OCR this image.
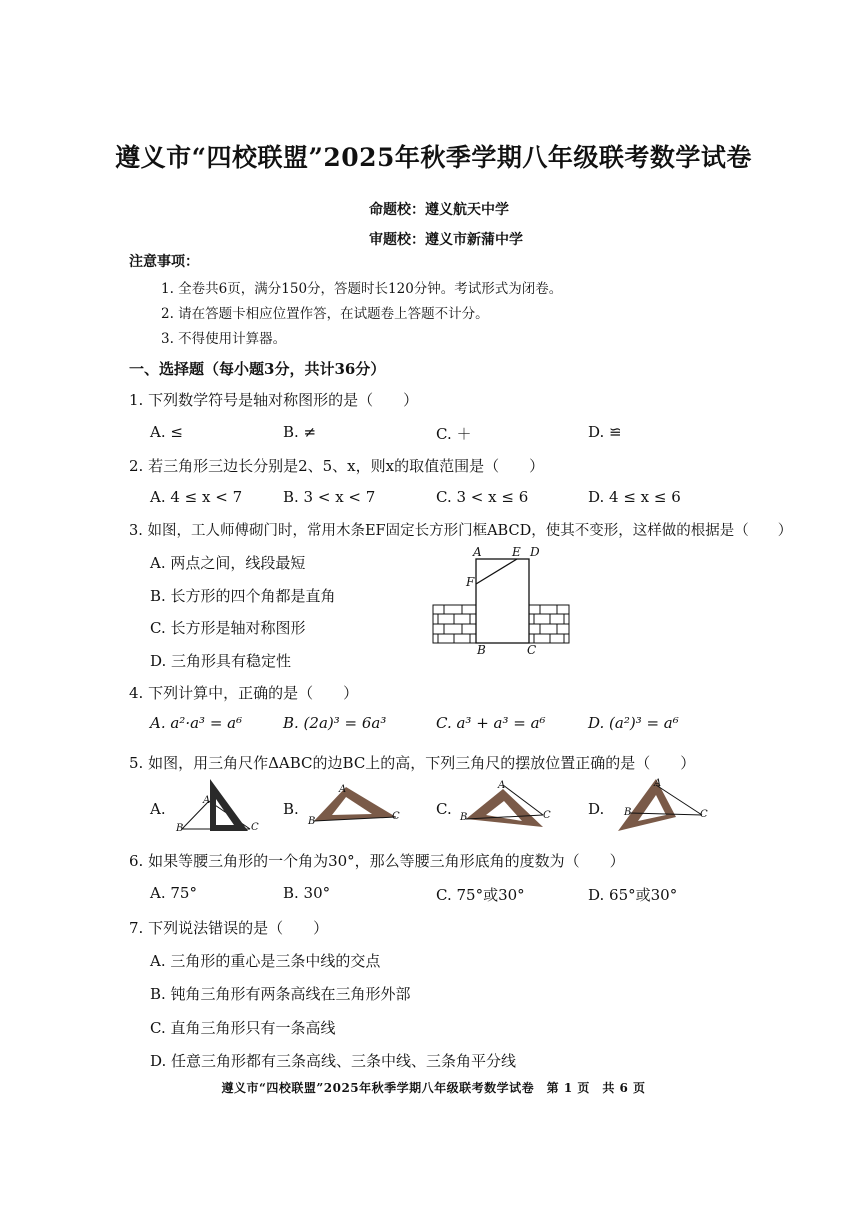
遵义市“四校联盟”2025年秋季学期八年级联考数学试卷
命题校：遵义航天中学
审题校：遵义市新蒲中学
注意事项：
1. 全卷共6页，满分150分，答题时长120分钟。考试形式为闭卷。
2. 请在答题卡相应位置作答，在试题卷上答题不计分。
3. 不得使用计算器。
一、选择题（每小题3分，共计36分）
1. 下列数学符号是轴对称图形的是（　　）
A. ≤	B. ≠	C. ＋	D. ≌
2. 若三角形三边长分别是2、5、x，则x的取值范围是（　　）
A. 4 ≤ x < 7	B. 3 < x < 7	C. 3 < x ≤ 6	D. 4 ≤ x ≤ 6
3. 如图，工人师傅砌门时，常用木条EF固定长方形门框ABCD，使其不变形，这样做的根据是（　　）
A. 两点之间，线段最短
B. 长方形的四个角都是直角
C. 长方形是轴对称图形
D. 三角形具有稳定性
A	E D
F
B	C
4. 下列计算中，正确的是（　　）
A. a²·a³ = a⁶	B. (2a)³ = 6a³	C. a³ + a³ = a⁶	D. (a²)³ = a⁶
5. 如图，用三角尺作ΔABC的边BC上的高，下列三角尺的摆放位置正确的是（　　）
A.	B.	C.	D.
A
B	C
A
B	C
A
B	C
A
B	C
6. 如果等腰三角形的一个角为30°，那么等腰三角形底角的度数为（　　）
A. 75°	B. 30°	C. 75°或30°	D. 65°或30°
7. 下列说法错误的是（　　）
A. 三角形的重心是三条中线的交点
B. 钝角三角形有两条高线在三角形外部
C. 直角三角形只有一条高线
D. 任意三角形都有三条高线、三条中线、三条角平分线
遵义市“四校联盟”2025年秋季学期八年级联考数学试卷　第 1 页　共 6 页
